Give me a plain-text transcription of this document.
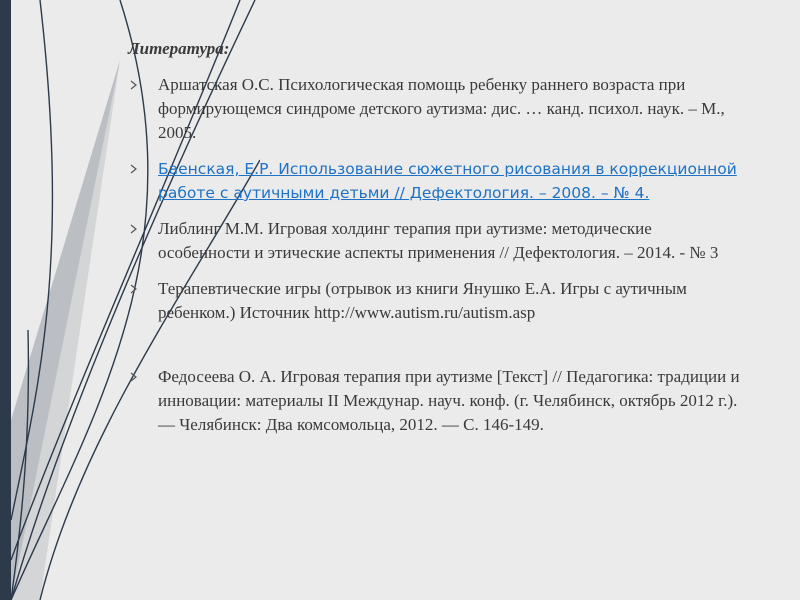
Литература:
Аршатская О.С. Психологическая помощь ребенку раннего возраста при формирующемся синдроме детского аутизма: дис. … канд. психол. наук. – М., 2005.
Баенская, Е.Р. Использование сюжетного рисования в коррекционной работе с аутичными детьми // Дефектология. – 2008. – № 4.
Либлинг М.М. Игровая холдинг терапия при аутизме: методические особенности и этические аспекты применения // Дефектология. – 2014. - № 3
Терапевтические игры (отрывок из книги Янушко Е.А. Игры с аутичным ребенком.) Источник http://www.autism.ru/autism.asp
Федосеева О. А. Игровая терапия при аутизме [Текст] // Педагогика: традиции и инновации: материалы II Междунар. науч. конф. (г. Челябинск, октябрь 2012 г.). — Челябинск: Два комсомольца, 2012. — С. 146-149.
